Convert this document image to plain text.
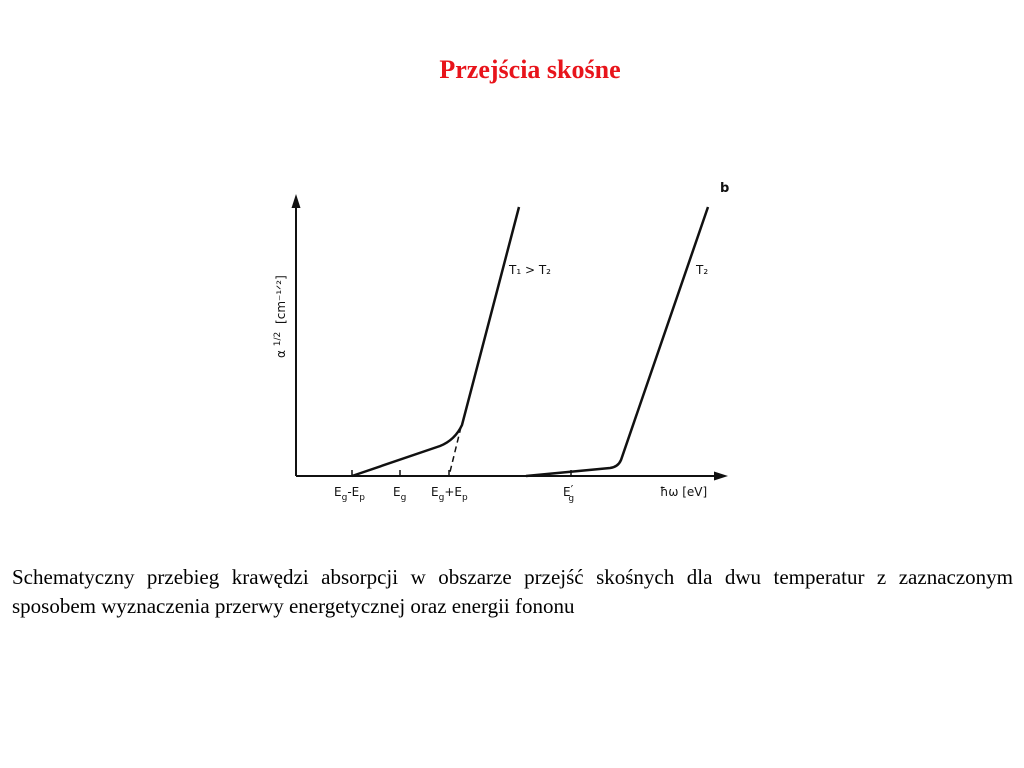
Przejścia skośne
b
T₁ > T₂	T₂
α $^{1/2}$ [cm⁻¹ᐟ²]
$E_g-E_p$ $E_g$ $E_g+E_p$	E′ g	ħω [eV]
Schematyczny przebieg krawędzi absorpcji w obszarze przejść skośnych dla dwu temperatur z zaznaczonym sposobem wyznaczenia przerwy energetycznej oraz energii fononu
